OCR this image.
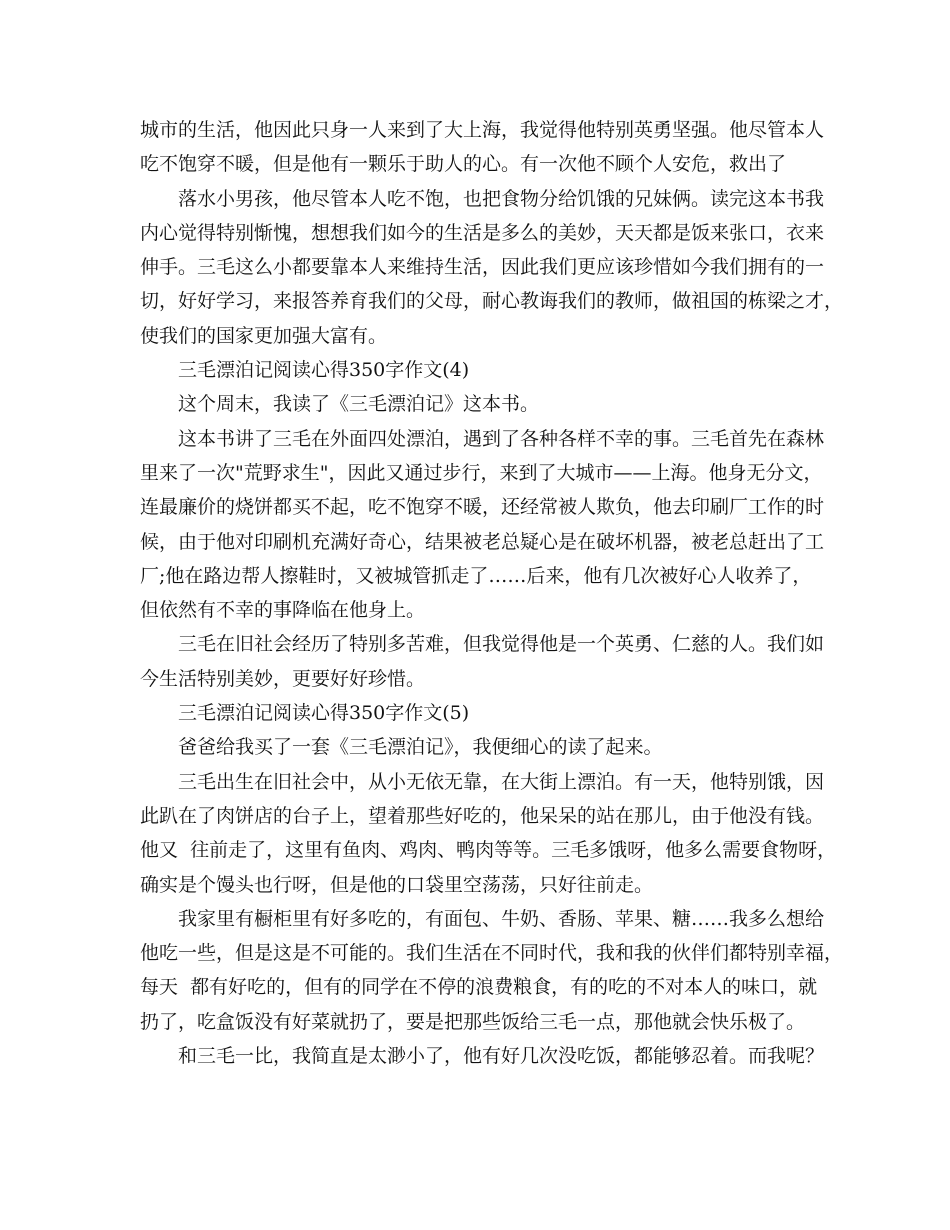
城市的生活，他因此只身一人来到了大上海，我觉得他特别英勇坚强。他尽管本人
吃不饱穿不暖，但是他有一颗乐于助人的心。有一次他不顾个人安危，救出了
落水小男孩，他尽管本人吃不饱，也把食物分给饥饿的兄妹俩。读完这本书我
内心觉得特别惭愧，想想我们如今的生活是多么的美妙，天天都是饭来张口，衣来
伸手。三毛这么小都要靠本人来维持生活，因此我们更应该珍惜如今我们拥有的一
切，好好学习，来报答养育我们的父母，耐心教诲我们的教师，做祖国的栋梁之才，
使我们的国家更加强大富有。
三毛漂泊记阅读心得350字作文(4)
这个周末，我读了《三毛漂泊记》这本书。
这本书讲了三毛在外面四处漂泊，遇到了各种各样不幸的事。三毛首先在森林
里来了一次"荒野求生"，因此又通过步行，来到了大城市——上海。他身无分文，
连最廉价的烧饼都买不起，吃不饱穿不暖，还经常被人欺负，他去印刷厂工作的时
候，由于他对印刷机充满好奇心，结果被老总疑心是在破坏机器，被老总赶出了工
厂;他在路边帮人擦鞋时，又被城管抓走了……后来，他有几次被好心人收养了，
但依然有不幸的事降临在他身上。
三毛在旧社会经历了特别多苦难，但我觉得他是一个英勇、仁慈的人。我们如
今生活特别美妙，更要好好珍惜。
三毛漂泊记阅读心得350字作文(5)
爸爸给我买了一套《三毛漂泊记》，我便细心的读了起来。
三毛出生在旧社会中，从小无依无靠，在大街上漂泊。有一天，他特别饿，因
此趴在了肉饼店的台子上，望着那些好吃的，他呆呆的站在那儿，由于他没有钱。
他又  往前走了，这里有鱼肉、鸡肉、鸭肉等等。三毛多饿呀，他多么需要食物呀，
确实是个馒头也行呀，但是他的口袋里空荡荡，只好往前走。
我家里有橱柜里有好多吃的，有面包、牛奶、香肠、苹果、糖……我多么想给
他吃一些，但是这是不可能的。我们生活在不同时代，我和我的伙伴们都特别幸福，
每天  都有好吃的，但有的同学在不停的浪费粮食，有的吃的不对本人的味口，就
扔了，吃盒饭没有好菜就扔了，要是把那些饭给三毛一点，那他就会快乐极了。
和三毛一比，我简直是太渺小了，他有好几次没吃饭，都能够忍着。而我呢？
